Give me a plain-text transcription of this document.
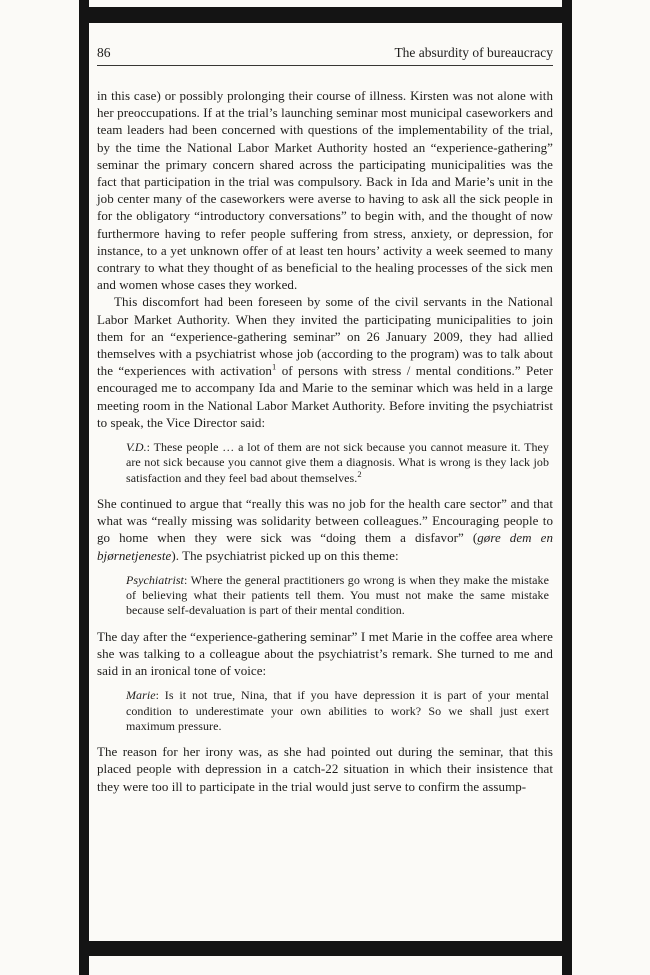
86	The absurdity of bureaucracy

in this case) or possibly prolonging their course of illness. Kirsten was not alone with her preoccupations. If at the trial’s launching seminar most municipal caseworkers and team leaders had been concerned with questions of the implementability of the trial, by the time the National Labor Market Authority hosted an “experience-gathering” seminar the primary concern shared across the participating municipalities was the fact that participation in the trial was compulsory. Back in Ida and Marie’s unit in the job center many of the caseworkers were averse to having to ask all the sick people in for the obligatory “introductory conversations” to begin with, and the thought of now furthermore having to refer people suffering from stress, anxiety, or depression, for instance, to a yet unknown offer of at least ten hours’ activity a week seemed to many contrary to what they thought of as beneficial to the healing processes of the sick men and women whose cases they worked.

This discomfort had been foreseen by some of the civil servants in the National Labor Market Authority. When they invited the participating municipalities to join them for an “experience-gathering seminar” on 26 January 2009, they had allied themselves with a psychiatrist whose job (according to the program) was to talk about the “experiences with activation$^1$ of persons with stress / mental conditions.” Peter encouraged me to accompany Ida and Marie to the seminar which was held in a large meeting room in the National Labor Market Authority. Before inviting the psychiatrist to speak, the Vice Director said:

V.D.: These people … a lot of them are not sick because you cannot measure it. They are not sick because you cannot give them a diagnosis. What is wrong is they lack job satisfaction and they feel bad about themselves.$^2$

She continued to argue that “really this was no job for the health care sector” and that what was “really missing was solidarity between colleagues.” Encouraging people to go home when they were sick was “doing them a disfavor” (gøre dem en bjørnetjeneste). The psychiatrist picked up on this theme:

Psychiatrist: Where the general practitioners go wrong is when they make the mistake of believing what their patients tell them. You must not make the same mistake because self-devaluation is part of their mental condition.

The day after the “experience-gathering seminar” I met Marie in the coffee area where she was talking to a colleague about the psychiatrist’s remark. She turned to me and said in an ironical tone of voice:

Marie: Is it not true, Nina, that if you have depression it is part of your mental condition to underestimate your own abilities to work? So we shall just exert maximum pressure.

The reason for her irony was, as she had pointed out during the seminar, that this placed people with depression in a catch-22 situation in which their insistence that they were too ill to participate in the trial would just serve to confirm the assump-
